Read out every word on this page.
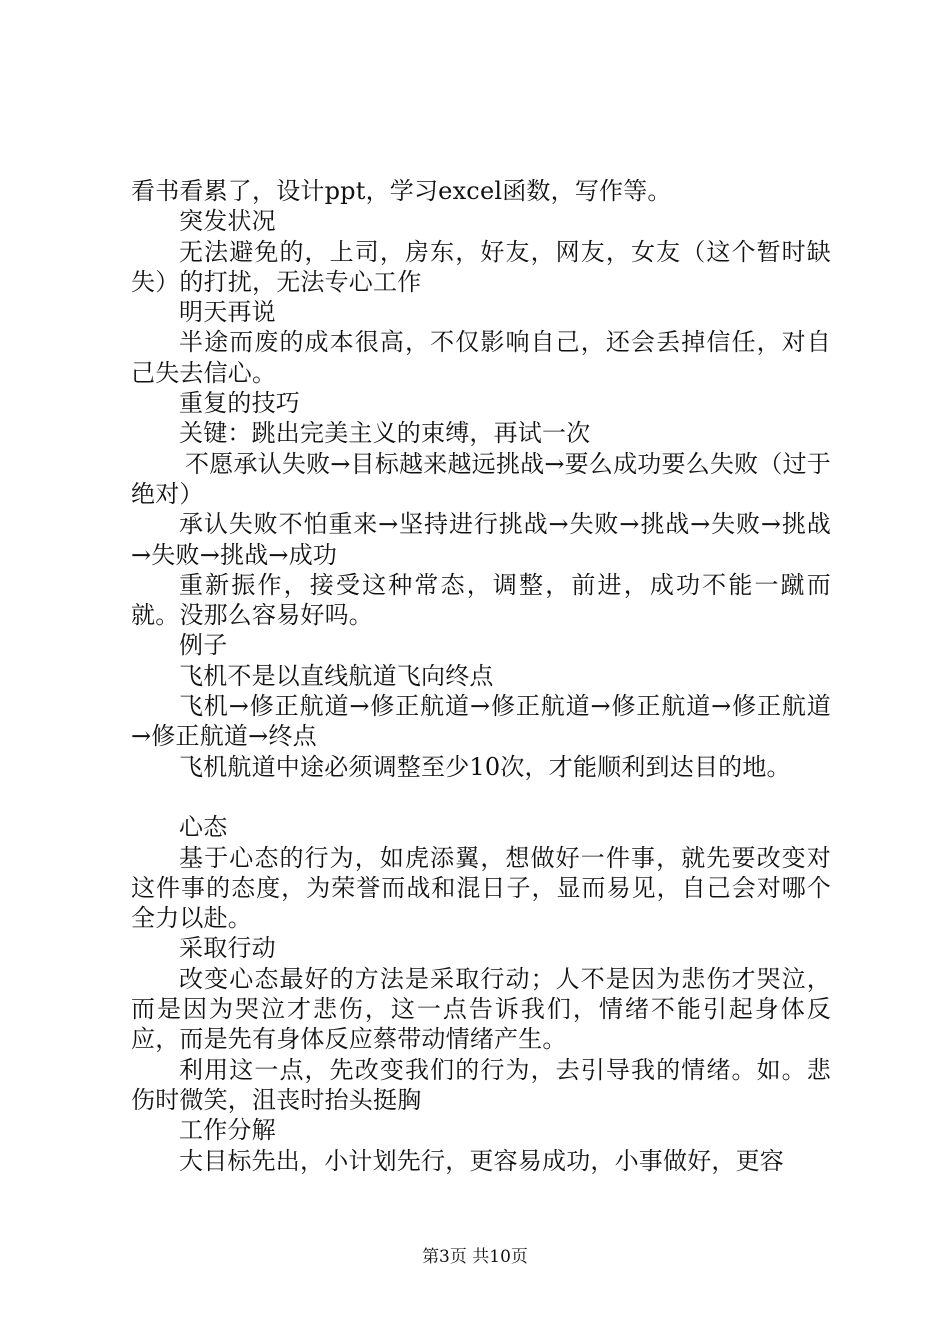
看书看累了，设计ppt，学习excel函数，写作等。

突发状况

无法避免的，上司，房东，好友，网友，女友（这个暂时缺失）的打扰，无法专心工作

明天再说

半途而废的成本很高，不仅影响自己，还会丢掉信任，对自己失去信心。

重复的技巧

关键：跳出完美主义的束缚，再试一次

不愿承认失败→目标越来越远挑战→要么成功要么失败（过于绝对）

承认失败不怕重来→坚持进行挑战→失败→挑战→失败→挑战→失败→挑战→成功

重新振作，接受这种常态，调整，前进，成功不能一蹴而就。没那么容易好吗。

例子

飞机不是以直线航道飞向终点

飞机→修正航道→修正航道→修正航道→修正航道→修正航道→修正航道→终点

飞机航道中途必须调整至少10次，才能顺利到达目的地。

心态

基于心态的行为，如虎添翼，想做好一件事，就先要改变对这件事的态度，为荣誉而战和混日子，显而易见，自己会对哪个全力以赴。

采取行动

改变心态最好的方法是采取行动；人不是因为悲伤才哭泣，而是因为哭泣才悲伤，这一点告诉我们，情绪不能引起身体反应，而是先有身体反应蔡带动情绪产生。

利用这一点，先改变我们的行为，去引导我的情绪。如。悲伤时微笑，沮丧时抬头挺胸

工作分解

大目标先出，小计划先行，更容易成功，小事做好，更容

第3页 共10页
